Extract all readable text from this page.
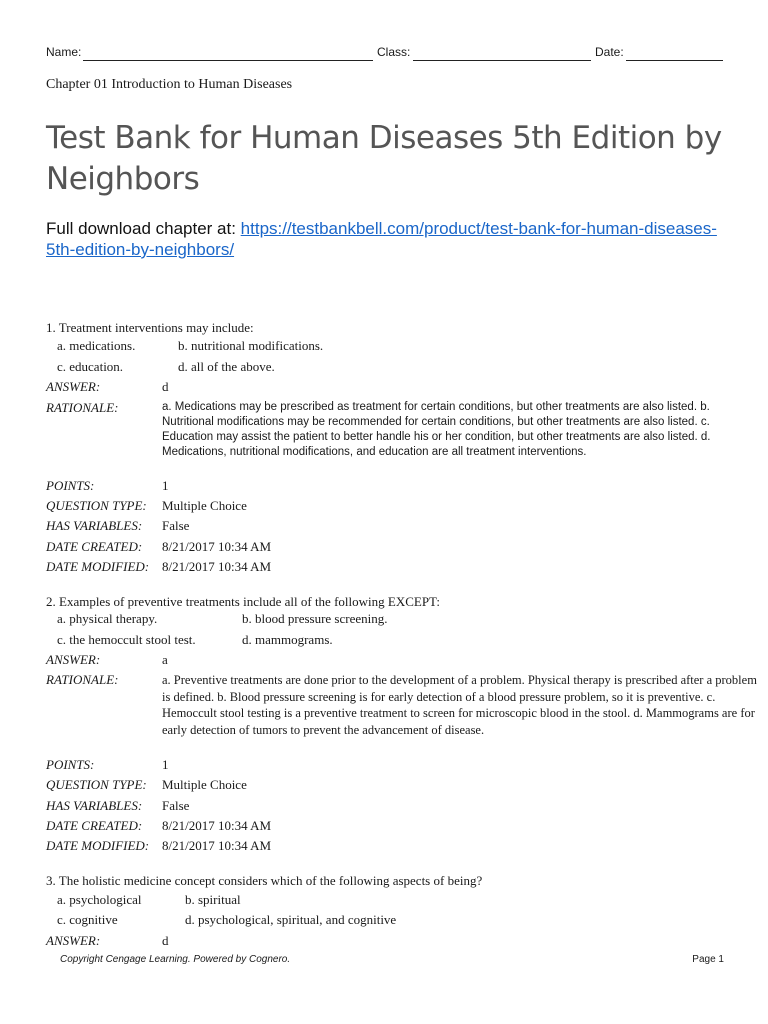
Name:	Class:	Date:
Chapter 01 Introduction to Human Diseases
Test Bank for Human Diseases 5th Edition by Neighbors
Full download chapter at: https://testbankbell.com/product/test-bank-for-human-diseases-5th-edition-by-neighbors/
1. Treatment interventions may include:
a. medications.	b. nutritional modifications.
c. education.	d. all of the above.
ANSWER:	d
RATIONALE:	a. Medications may be prescribed as treatment for certain conditions, but other treatments are also listed. b. Nutritional modifications may be recommended for certain conditions, but other treatments are also listed. c. Education may assist the patient to better handle his or her condition, but other treatments are also listed. d. Medications, nutritional modifications, and education are all treatment interventions.
POINTS:	1
QUESTION TYPE: Multiple Choice
HAS VARIABLES: False
DATE CREATED: 8/21/2017 10:34 AM
DATE MODIFIED: 8/21/2017 10:34 AM
2. Examples of preventive treatments include all of the following EXCEPT:
a. physical therapy.	b. blood pressure screening.
c. the hemoccult stool test.	d. mammograms.
ANSWER:	a
RATIONALE:	a. Preventive treatments are done prior to the development of a problem. Physical therapy is prescribed after a problem is defined. b. Blood pressure screening is for early detection of a blood pressure problem, so it is preventive. c. Hemoccult stool testing is a preventive treatment to screen for microscopic blood in the stool. d. Mammograms are for early detection of tumors to prevent the advancement of disease.
POINTS:	1
QUESTION TYPE: Multiple Choice
HAS VARIABLES: False
DATE CREATED: 8/21/2017 10:34 AM
DATE MODIFIED: 8/21/2017 10:34 AM
3. The holistic medicine concept considers which of the following aspects of being?
a. psychological	b. spiritual
c. cognitive	d. psychological, spiritual, and cognitive
ANSWER:	d
Copyright Cengage Learning. Powered by Cognero.	Page 1
